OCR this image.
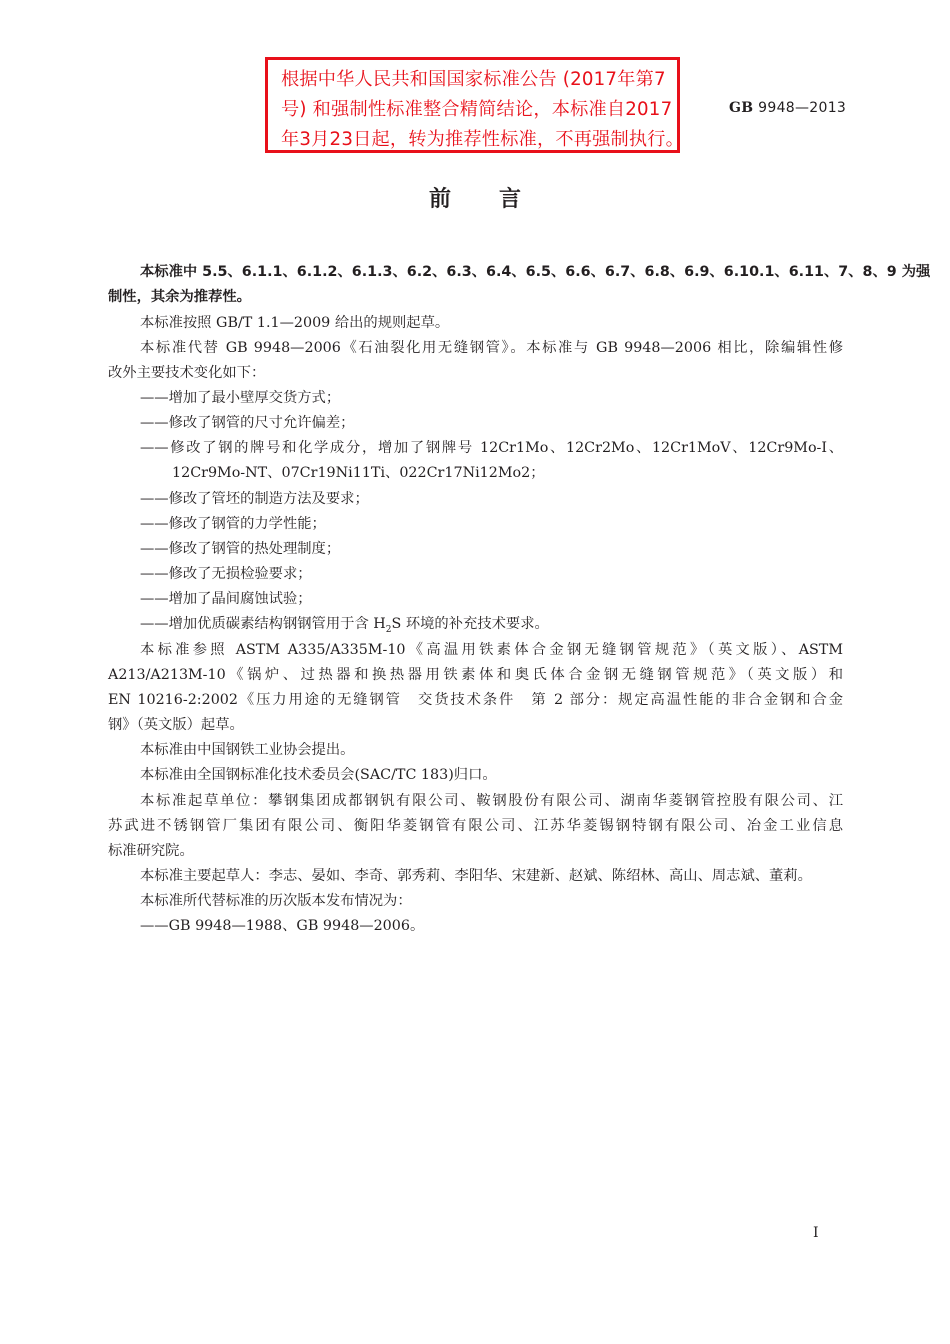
根据中华人民共和国国家标准公告 (2017年第7
号) 和强制性标准整合精简结论，本标准自2017
年3月23日起，转为推荐性标准，不再强制执行。
GB 9948—2013
前言
本标准中 5.5、6.1.1、6.1.2、6.1.3、6.2、6.3、6.4、6.5、6.6、6.7、6.8、6.9、6.10.1、6.11、7、8、9 为强
制性，其余为推荐性。
本标准按照 GB/T 1.1—2009 给出的规则起草。
本标准代替 GB 9948—2006《石油裂化用无缝钢管》。本标准与 GB 9948—2006 相比，除编辑性修
改外主要技术变化如下：
——增加了最小壁厚交货方式；
——修改了钢管的尺寸允许偏差；
——修改了钢的牌号和化学成分，增加了钢牌号 12Cr1Mo、12Cr2Mo、12Cr1MoV、12Cr9Mo-I、
12Cr9Mo-NT、07Cr19Ni11Ti、022Cr17Ni12Mo2；
——修改了管坯的制造方法及要求；
——修改了钢管的力学性能；
——修改了钢管的热处理制度；
——修改了无损检验要求；
——增加了晶间腐蚀试验；
——增加优质碳素结构钢钢管用于含 $H_2S$ 环境的补充技术要求。
本标准参照 ASTM A335/A335M-10《高温用铁素体合金钢无缝钢管规范》（英文版）、ASTM
A213/A213M-10《锅炉、过热器和换热器用铁素体和奥氏体合金钢无缝钢管规范》（英文版）和
EN 10216-2:2002《压力用途的无缝钢管　交货技术条件　第 2 部分：规定高温性能的非合金钢和合金
钢》（英文版）起草。
本标准由中国钢铁工业协会提出。
本标准由全国钢标准化技术委员会(SAC/TC 183)归口。
本标准起草单位：攀钢集团成都钢钒有限公司、鞍钢股份有限公司、湖南华菱钢管控股有限公司、江
苏武进不锈钢管厂集团有限公司、衡阳华菱钢管有限公司、江苏华菱锡钢特钢有限公司、冶金工业信息
标准研究院。
本标准主要起草人：李志、晏如、李奇、郭秀莉、李阳华、宋建新、赵斌、陈绍林、高山、周志斌、董莉。
本标准所代替标准的历次版本发布情况为：
——GB 9948—1988、GB 9948—2006。
I
